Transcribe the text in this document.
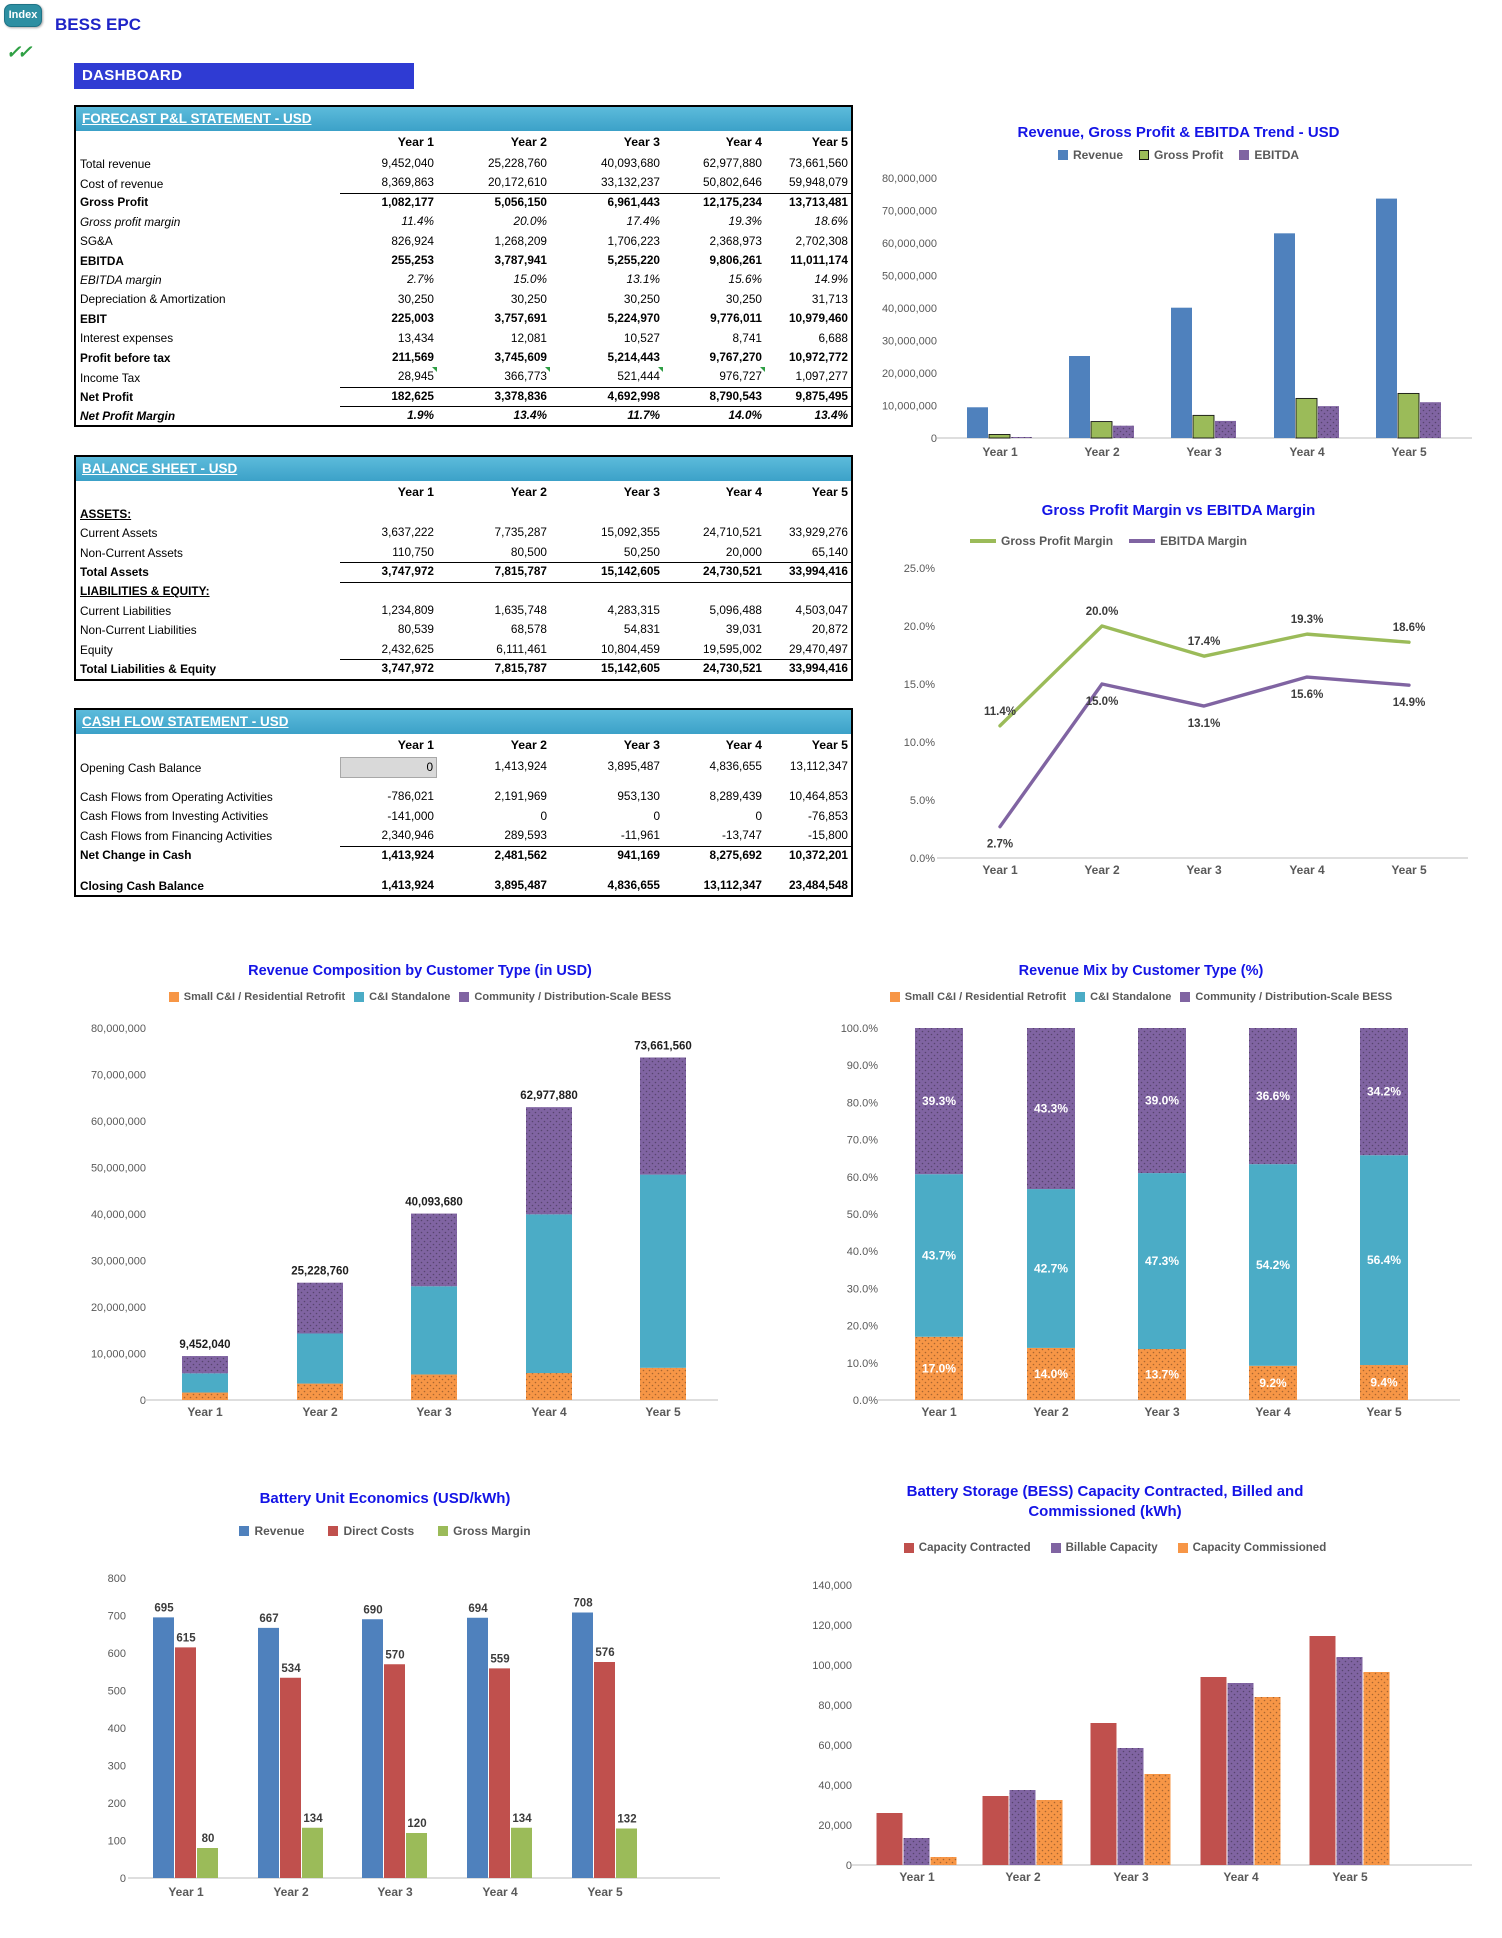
Index BESS EPC
✓✓
DASHBOARD
FORECAST P&L STATEMENT - USD
Year 1	Year 2	Year 3	Year 4	Year 5
Total revenue	9,452,040	25,228,760	40,093,680	62,977,880	73,661,560
Cost of revenue	8,369,863	20,172,610	33,132,237	50,802,646	59,948,079
Gross Profit	1,082,177	5,056,150	6,961,443	12,175,234	13,713,481
Gross profit margin	11.4%	20.0%	17.4%	19.3%	18.6%
SG&A	826,924	1,268,209	1,706,223	2,368,973	2,702,308
EBITDA	255,253	3,787,941	5,255,220	9,806,261	11,011,174
EBITDA margin	2.7%	15.0%	13.1%	15.6%	14.9%
Depreciation & Amortization	30,250	30,250	30,250	30,250	31,713
EBIT	225,003	3,757,691	5,224,970	9,776,011	10,979,460
Interest expenses	13,434	12,081	10,527	8,741	6,688
Profit before tax	211,569	3,745,609	5,214,443	9,767,270	10,972,772
Income Tax	28,945	366,773	521,444	976,727	1,097,277
Net Profit	182,625	3,378,836	4,692,998	8,790,543	9,875,495
Net Profit Margin	1.9%	13.4%	11.7%	14.0%	13.4%
BALANCE SHEET - USD
Year 1	Year 2	Year 3	Year 4	Year 5
ASSETS:
Current Assets	3,637,222	7,735,287	15,092,355	24,710,521	33,929,276
Non-Current Assets	110,750	80,500	50,250	20,000	65,140
Total Assets	3,747,972	7,815,787	15,142,605	24,730,521	33,994,416
LIABILITIES & EQUITY:
Current Liabilities	1,234,809	1,635,748	4,283,315	5,096,488	4,503,047
Non-Current Liabilities	80,539	68,578	54,831	39,031	20,872
Equity	2,432,625	6,111,461	10,804,459	19,595,002	29,470,497
Total Liabilities & Equity	3,747,972	7,815,787	15,142,605	24,730,521	33,994,416
CASH FLOW STATEMENT - USD
Year 1	Year 2	Year 3	Year 4	Year 5
Opening Cash Balance	0	1,413,924	3,895,487	4,836,655	13,112,347
Cash Flows from Operating Activities	-786,021	2,191,969	953,130	8,289,439	10,464,853
Cash Flows from Investing Activities	-141,000	0	0	0	-76,853
Cash Flows from Financing Activities	2,340,946	289,593	-11,961	-13,747	-15,800
Net Change in Cash	1,413,924	2,481,562	941,169	8,275,692	10,372,201
Closing Cash Balance	1,413,924	3,895,487	4,836,655	13,112,347	23,484,548
Revenue, Gross Profit & EBITDA Trend - USD
Revenue	Gross Profit	EBITDA
0
10,000,000
20,000,000
30,000,000
40,000,000
50,000,000
60,000,000
70,000,000
80,000,000
Year 1	Year 2	Year 3	Year 4	Year 5
Gross Profit Margin vs EBITDA Margin
Gross Profit Margin	EBITDA Margin
0.0%
5.0%
10.0%
15.0%
20.0%
25.0%
Year 1	Year 2	Year 3	Year 4	Year 5
11.4%
20.0%
17.4%
19.3%
18.6%
2.7%
15.0%
13.1%
15.6%
14.9%
Revenue Composition by Customer Type (in USD)
Small C&I / Residential Retrofit C&I Standalone Community / Distribution-Scale BESS
0
10,000,000
20,000,000
30,000,000
40,000,000
50,000,000
60,000,000
70,000,000
80,000,000
Year 1	Year 2	Year 3	Year 4	Year 5
9,452,040
25,228,760
40,093,680
62,977,880
73,661,560
Revenue Mix by Customer Type (%)
Small C&I / Residential Retrofit C&I Standalone Community / Distribution-Scale BESS
0.0%
10.0%
20.0%
30.0%
40.0%
50.0%
60.0%
70.0%
80.0%
90.0%
100.0%
Year 1	Year 2	Year 3	Year 4	Year 5
17.0%
43.7%
39.3%
14.0%
42.7%
43.3%
13.7%
47.3%
39.0%
9.2%
54.2%
36.6%
9.4%
56.4%
34.2%
Battery Unit Economics (USD/kWh)
Revenue	Direct Costs	Gross Margin
0
100
200
300
400
500
600
700
800
Year 1	Year 2	Year 3	Year 4	Year 5
695
615
80
667
534
134
690
570
120
694
559
134
708
576
132
Battery Storage (BESS) Capacity Contracted, Billed and Commissioned (kWh)
Capacity Contracted	Billable Capacity	Capacity Commissioned
0
20,000
40,000
60,000
80,000
100,000
120,000
140,000
Year 1	Year 2	Year 3	Year 4	Year 5
